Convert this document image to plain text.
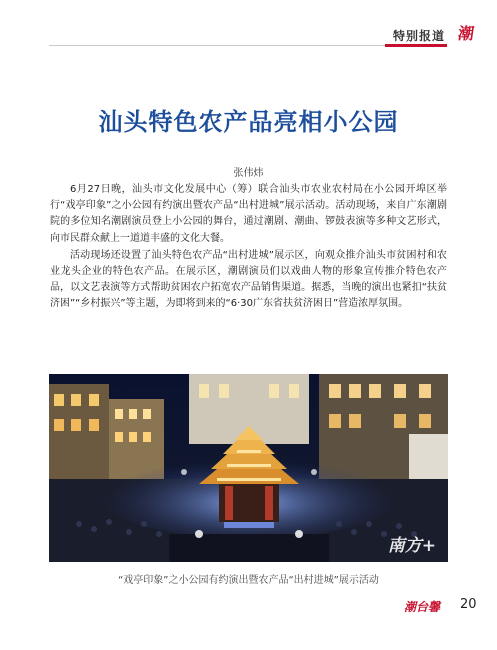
特别报道 潮
汕头特色农产品亮相小公园
张伟炜

6月27日晚，汕头市文化发展中心（筹）联合汕头市农业农村局在小公园开埠区举行“戏亭印象”之小公园有约演出暨农产品“出村进城”展示活动。活动现场，来自广东潮剧院的多位知名潮剧演员登上小公园的舞台，通过潮剧、潮曲、锣鼓表演等多种文艺形式，向市民群众献上一道道丰盛的文化大餐。

活动现场还设置了汕头特色农产品“出村进城”展示区，向观众推介汕头市贫困村和农业龙头企业的特色农产品。在展示区，潮剧演员们以戏曲人物的形象宣传推介特色农产品，以文艺表演等方式帮助贫困农户拓宽农产品销售渠道。据悉，当晚的演出也紧扣“扶贫济困”“乡村振兴”等主题，为即将到来的“6·30广东省扶贫济困日”营造浓厚氛围。

南方+
“戏亭印象”之小公园有约演出暨农产品“出村进城”展示活动
潮台馨 20
